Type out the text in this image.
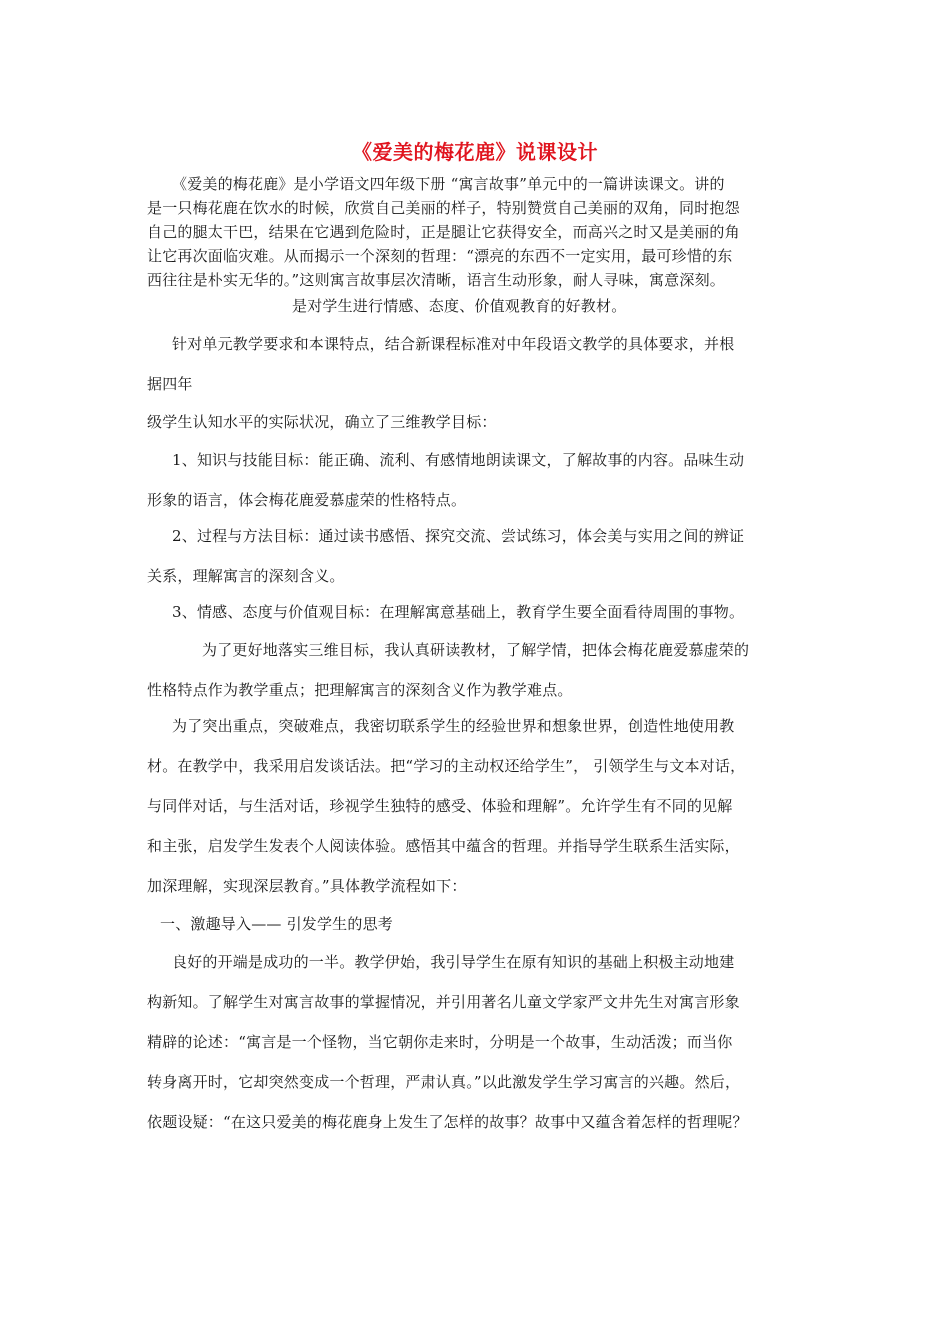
《爱美的梅花鹿》说课设计
《爱美的梅花鹿》是小学语文四年级下册 “寓言故事”单元中的一篇讲读课文。讲的
是一只梅花鹿在饮水的时候，欣赏自己美丽的样子，特别赞赏自己美丽的双角，同时抱怨
自己的腿太干巴，结果在它遇到危险时，正是腿让它获得安全，而高兴之时又是美丽的角
让它再次面临灾难。从而揭示一个深刻的哲理：“漂亮的东西不一定实用，最可珍惜的东
西往往是朴实无华的。”这则寓言故事层次清晰，语言生动形象，耐人寻味，寓意深刻。
是对学生进行情感、态度、价值观教育的好教材。
针对单元教学要求和本课特点，结合新课程标准对中年段语文教学的具体要求，并根
据四年
级学生认知水平的实际状况，确立了三维教学目标：
1、知识与技能目标：能正确、流利、有感情地朗读课文，了解故事的内容。品味生动
形象的语言，体会梅花鹿爱慕虚荣的性格特点。
2、过程与方法目标：通过读书感悟、探究交流、尝试练习，体会美与实用之间的辨证
关系，理解寓言的深刻含义。
3、情感、态度与价值观目标：在理解寓意基础上，教育学生要全面看待周围的事物。
为了更好地落实三维目标，我认真研读教材，了解学情，把体会梅花鹿爱慕虚荣的
性格特点作为教学重点；把理解寓言的深刻含义作为教学难点。
为了突出重点，突破难点，我密切联系学生的经验世界和想象世界，创造性地使用教
材。在教学中，我采用启发谈话法。把“学习的主动权还给学生”， 引领学生与文本对话，
与同伴对话，与生活对话，珍视学生独特的感受、体验和理解”。允许学生有不同的见解
和主张，启发学生发表个人阅读体验。感悟其中蕴含的哲理。并指导学生联系生活实际，
加深理解，实现深层教育。”具体教学流程如下：
一、激趣导入—— 引发学生的思考
良好的开端是成功的一半。教学伊始，我引导学生在原有知识的基础上积极主动地建
构新知。了解学生对寓言故事的掌握情况，并引用著名儿童文学家严文井先生对寓言形象
精辟的论述：“寓言是一个怪物，当它朝你走来时，分明是一个故事，生动活泼；而当你
转身离开时，它却突然变成一个哲理，严肃认真。”以此激发学生学习寓言的兴趣。然后，
依题设疑：“在这只爱美的梅花鹿身上发生了怎样的故事？故事中又蕴含着怎样的哲理呢？
